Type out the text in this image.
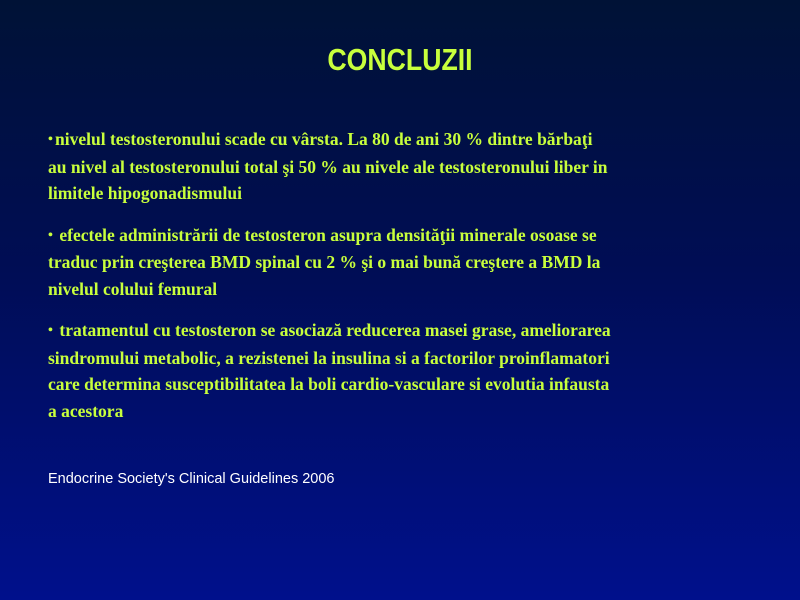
CONCLUZII
• nivelul testosteronului scade cu vârsta. La 80 de ani 30 % dintre bărbaţi
au nivel al testosteronului total şi 50 % au nivele ale testosteronului liber in
limitele hipogonadismului
• efectele administrării de testosteron asupra densităţii minerale osoase se
traduc prin creşterea BMD spinal cu 2 % şi o mai bună creştere a BMD la
nivelul colului femural
• tratamentul cu testosteron se asociază reducerea masei grase, ameliorarea
sindromului metabolic, a rezistenei la insulina si a factorilor proinflamatori
care determina susceptibilitatea la boli cardio-vasculare si evolutia infausta
a acestora
Endocrine Society's Clinical Guidelines 2006
